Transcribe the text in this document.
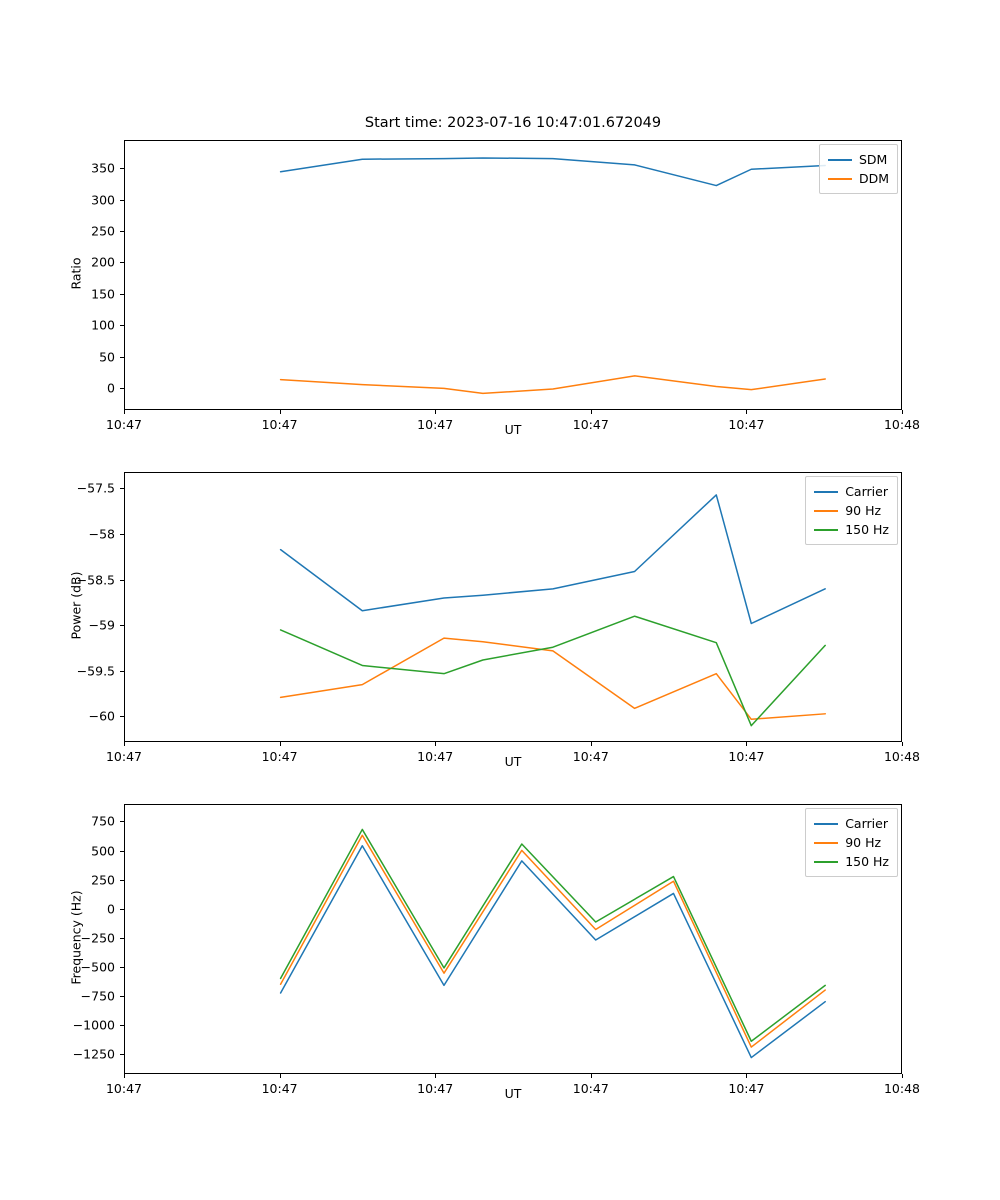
Start time: 2023-07-16 10:47:01.672049
Ratio
UT
SDM
DDM
10:47	10:47	10:47	10:47	10:47	10:48
0
50
100
150
200
250
300
350
Power (dB)
UT
Carrier
90 Hz
150 Hz
10:47	10:47	10:47	10:47	10:47	10:48
−60
−59.5
−59
−58.5
−58
−57.5
Frequency (Hz)
UT
Carrier
90 Hz
150 Hz
10:47	10:47	10:47	10:47	10:47	10:48
−1250
−1000
−750
−500
−250
0
250
500
750
